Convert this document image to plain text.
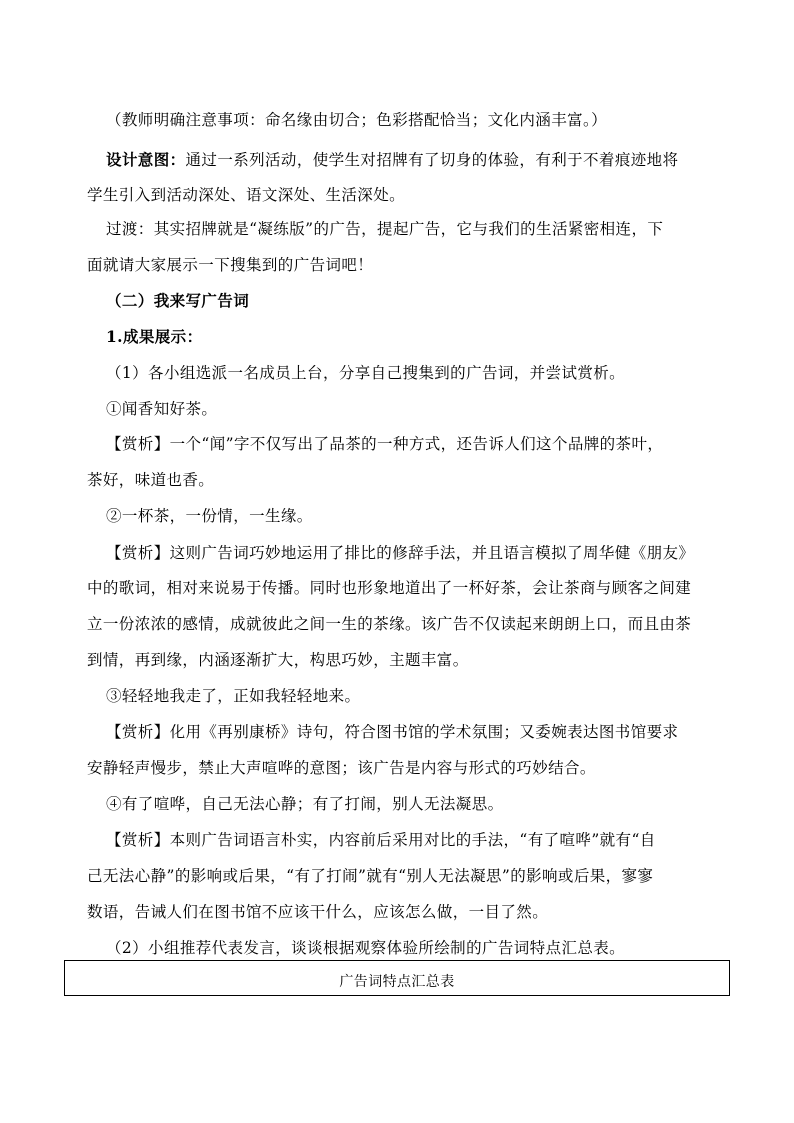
（教师明确注意事项：命名缘由切合；色彩搭配恰当；文化内涵丰富。）
设计意图：通过一系列活动，使学生对招牌有了切身的体验，有利于不着痕迹地将
学生引入到活动深处、语文深处、生活深处。
过渡：其实招牌就是“凝练版”的广告，提起广告，它与我们的生活紧密相连，下
面就请大家展示一下搜集到的广告词吧！
（二）我来写广告词
1.成果展示：
（1）各小组选派一名成员上台，分享自己搜集到的广告词，并尝试赏析。
①闻香知好茶。
【赏析】一个“闻”字不仅写出了品茶的一种方式，还告诉人们这个品牌的茶叶，
茶好，味道也香。
②一杯茶，一份情，一生缘。
【赏析】这则广告词巧妙地运用了排比的修辞手法，并且语言模拟了周华健《朋友》
中的歌词，相对来说易于传播。同时也形象地道出了一杯好茶，会让茶商与顾客之间建
立一份浓浓的感情，成就彼此之间一生的茶缘。该广告不仅读起来朗朗上口，而且由茶
到情，再到缘，内涵逐渐扩大，构思巧妙，主题丰富。
③轻轻地我走了，正如我轻轻地来。
【赏析】化用《再别康桥》诗句，符合图书馆的学术氛围；又委婉表达图书馆要求
安静轻声慢步，禁止大声喧哗的意图；该广告是内容与形式的巧妙结合。
④有了喧哗，自己无法心静；有了打闹，别人无法凝思。
【赏析】本则广告词语言朴实，内容前后采用对比的手法，“有了喧哗”就有“自
己无法心静”的影响或后果，“有了打闹”就有“别人无法凝思”的影响或后果，寥寥
数语，告诫人们在图书馆不应该干什么，应该怎么做，一目了然。
（2）小组推荐代表发言，谈谈根据观察体验所绘制的广告词特点汇总表。
广告词特点汇总表
